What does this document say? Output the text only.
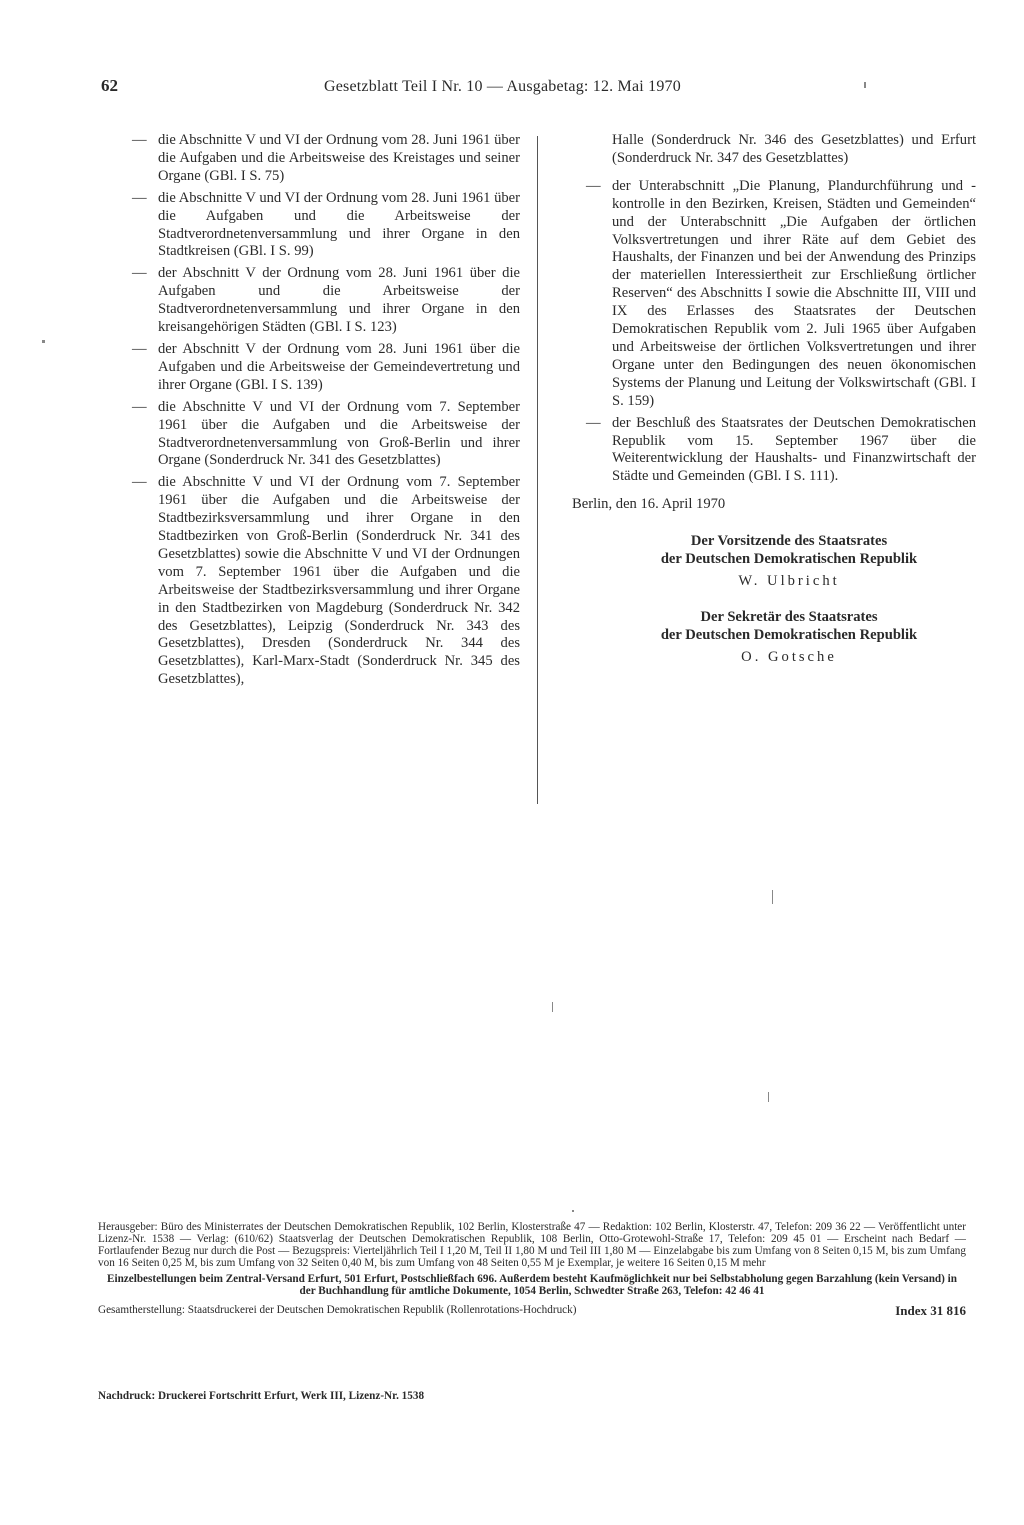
62	Gesetzblatt Teil I Nr. 10 — Ausgabetag: 12. Mai 1970
— die Abschnitte V und VI der Ordnung vom 28. Juni 1961 über die Aufgaben und die Arbeitsweise des Kreistages und seiner Organe (GBl. I S. 75)
— die Abschnitte V und VI der Ordnung vom 28. Juni 1961 über die Aufgaben und die Arbeitsweise der Stadtverordnetenversammlung und ihrer Organe in den Stadtkreisen (GBl. I S. 99)
— der Abschnitt V der Ordnung vom 28. Juni 1961 über die Aufgaben und die Arbeitsweise der Stadtverordnetenversammlung und ihrer Organe in den kreisangehörigen Städten (GBl. I S. 123)
— der Abschnitt V der Ordnung vom 28. Juni 1961 über die Aufgaben und die Arbeitsweise der Gemeindevertretung und ihrer Organe (GBl. I S. 139)
— die Abschnitte V und VI der Ordnung vom 7. September 1961 über die Aufgaben und die Arbeitsweise der Stadtverordnetenversammlung von Groß-Berlin und ihrer Organe (Sonderdruck Nr. 341 des Gesetzblattes)
— die Abschnitte V und VI der Ordnung vom 7. September 1961 über die Aufgaben und die Arbeitsweise der Stadtbezirksversammlung und ihrer Organe in den Stadtbezirken von Groß-Berlin (Sonderdruck Nr. 341 des Gesetzblattes) sowie die Abschnitte V und VI der Ordnungen vom 7. September 1961 über die Aufgaben und die Arbeitsweise der Stadtbezirksversammlung und ihrer Organe in den Stadtbezirken von Magdeburg (Sonderdruck Nr. 342 des Gesetzblattes), Leipzig (Sonderdruck Nr. 343 des Gesetzblattes), Dresden (Sonderdruck Nr. 344 des Gesetzblattes), Karl-Marx-Stadt (Sonderdruck Nr. 345 des Gesetzblattes),
Halle (Sonderdruck Nr. 346 des Gesetzblattes) und Erfurt (Sonderdruck Nr. 347 des Gesetzblattes)
— der Unterabschnitt „Die Planung, Plandurchführung und -kontrolle in den Bezirken, Kreisen, Städten und Gemeinden“ und der Unterabschnitt „Die Aufgaben der örtlichen Volksvertretungen und ihrer Räte auf dem Gebiet des Haushalts, der Finanzen und bei der Anwendung des Prinzips der materiellen Interessiertheit zur Erschließung örtlicher Reserven“ des Abschnitts I sowie die Abschnitte III, VIII und IX des Erlasses des Staatsrates der Deutschen Demokratischen Republik vom 2. Juli 1965 über Aufgaben und Arbeitsweise der örtlichen Volksvertretungen und ihrer Organe unter den Bedingungen des neuen ökonomischen Systems der Planung und Leitung der Volkswirtschaft (GBl. I S. 159)
— der Beschluß des Staatsrates der Deutschen Demokratischen Republik vom 15. September 1967 über die Weiterentwicklung der Haushalts- und Finanzwirtschaft der Städte und Gemeinden (GBl. I S. 111).
Berlin, den 16. April 1970
Der Vorsitzende des Staatsrates
der Deutschen Demokratischen Republik
W. Ulbricht
Der Sekretär des Staatsrates
der Deutschen Demokratischen Republik
O. Gotsche

Herausgeber: Büro des Ministerrates der Deutschen Demokratischen Republik, 102 Berlin, Klosterstraße 47 — Redaktion: 102 Berlin, Klosterstr. 47, Telefon: 209 36 22 — Veröffentlicht unter Lizenz-Nr. 1538 — Verlag: (610/62) Staatsverlag der Deutschen Demokratischen Republik, 108 Berlin, Otto-Grotewohl-Straße 17, Telefon: 209 45 01 — Erscheint nach Bedarf — Fortlaufender Bezug nur durch die Post — Bezugspreis: Vierteljährlich Teil I 1,20 M, Teil II 1,80 M und Teil III 1,80 M — Einzelabgabe bis zum Umfang von 8 Seiten 0,15 M, bis zum Umfang von 16 Seiten 0,25 M, bis zum Umfang von 32 Seiten 0,40 M, bis zum Umfang von 48 Seiten 0,55 M je Exemplar, je weitere 16 Seiten 0,15 M mehr

Einzelbestellungen beim Zentral-Versand Erfurt, 501 Erfurt, Postschließfach 696. Außerdem besteht Kaufmöglichkeit nur bei Selbstabholung gegen Barzahlung (kein Versand) in der Buchhandlung für amtliche Dokumente, 1054 Berlin, Schwedter Straße 263, Telefon: 42 46 41

Gesamtherstellung: Staatsdruckerei der Deutschen Demokratischen Republik (Rollenrotations-Hochdruck)	Index 31 816
Nachdruck: Druckerei Fortschritt Erfurt, Werk III, Lizenz-Nr. 1538
